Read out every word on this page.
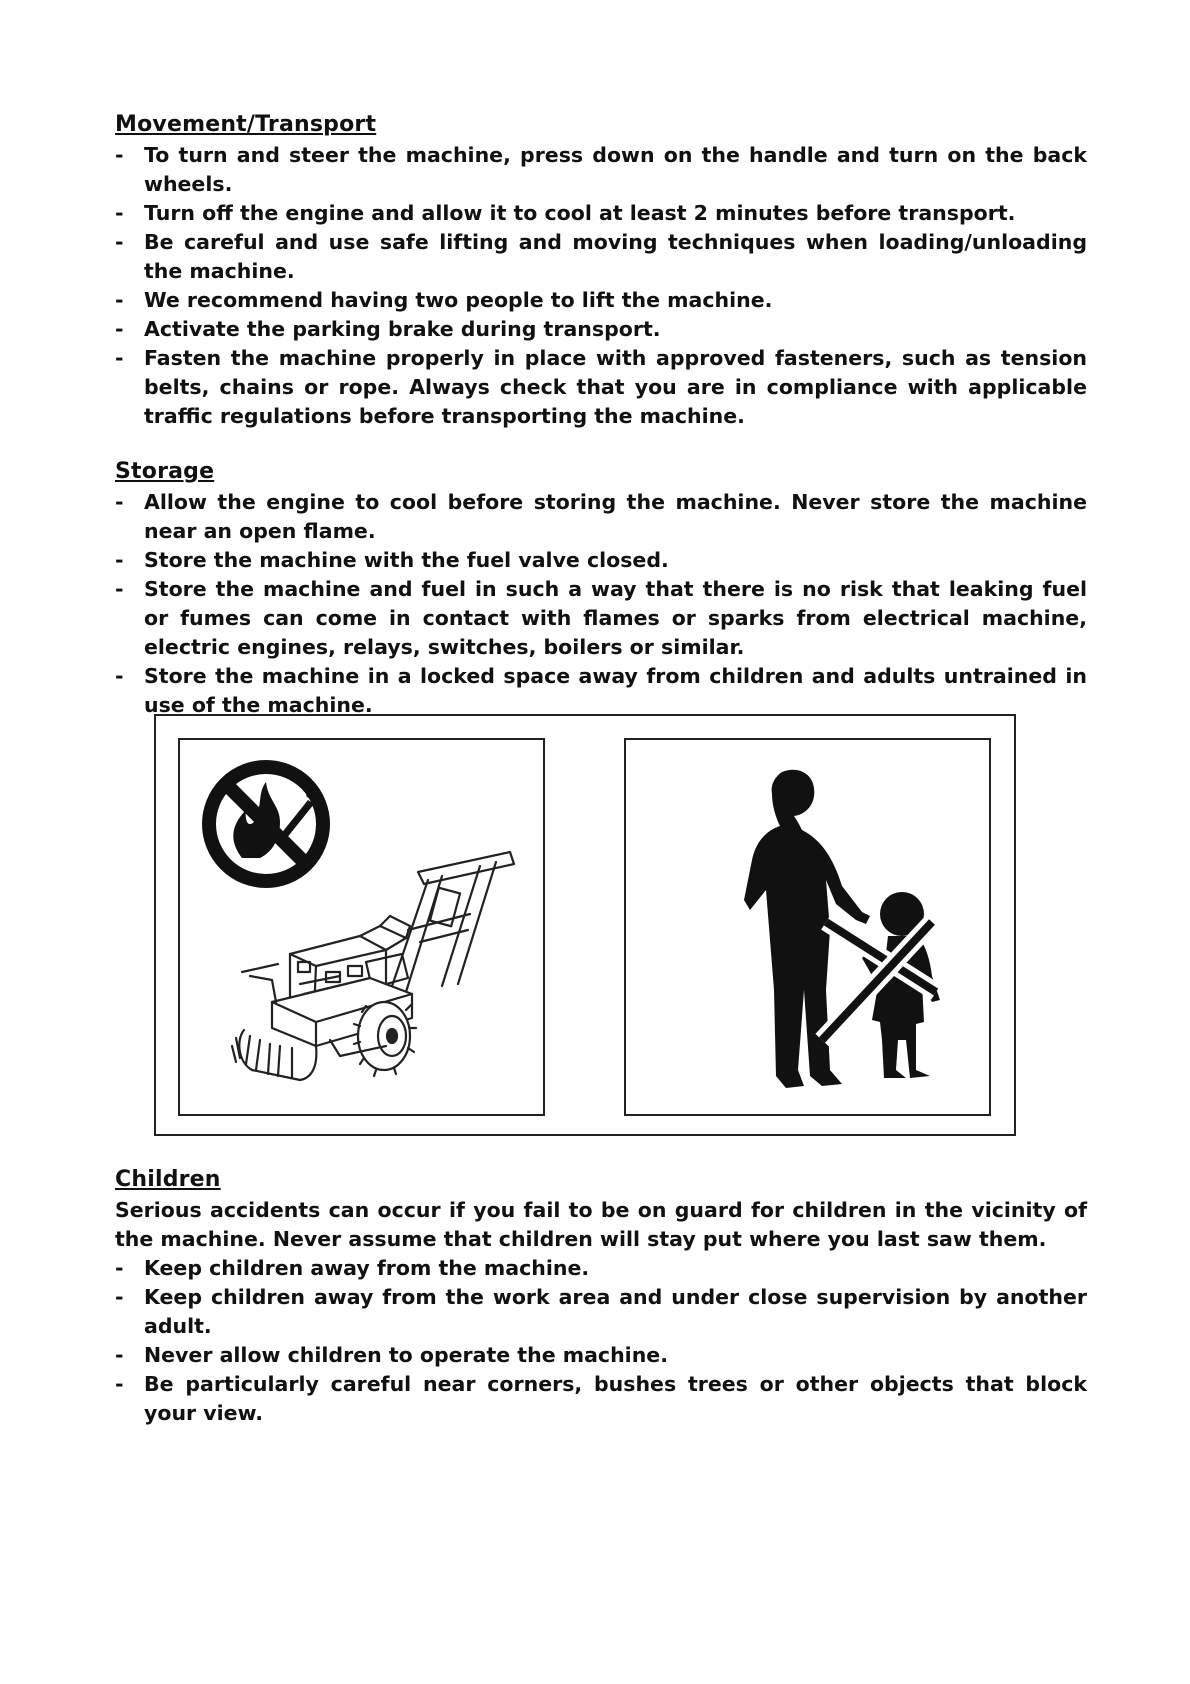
Movement/Transport
- To turn and steer the machine, press down on the handle and turn on the back wheels.
- Turn off the engine and allow it to cool at least 2 minutes before transport.
- Be careful and use safe lifting and moving techniques when loading/unloading the machine.
- We recommend having two people to lift the machine.
- Activate the parking brake during transport.
- Fasten the machine properly in place with approved fasteners, such as tension belts, chains or rope. Always check that you are in compliance with applicable traffic regulations before transporting the machine.
Storage
- Allow the engine to cool before storing the machine. Never store the machine near an open flame.
- Store the machine with the fuel valve closed.
- Store the machine and fuel in such a way that there is no risk that leaking fuel or fumes can come in contact with flames or sparks from electrical machine, electric engines, relays, switches, boilers or similar.
- Store the machine in a locked space away from children and adults untrained in use of the machine.
Children

Serious accidents can occur if you fail to be on guard for children in the vicinity of the machine. Never assume that children will stay put where you last saw them.

- Keep children away from the machine.
- Keep children away from the work area and under close supervision by another adult.
- Never allow children to operate the machine.
- Be particularly careful near corners, bushes trees or other objects that block your view.
